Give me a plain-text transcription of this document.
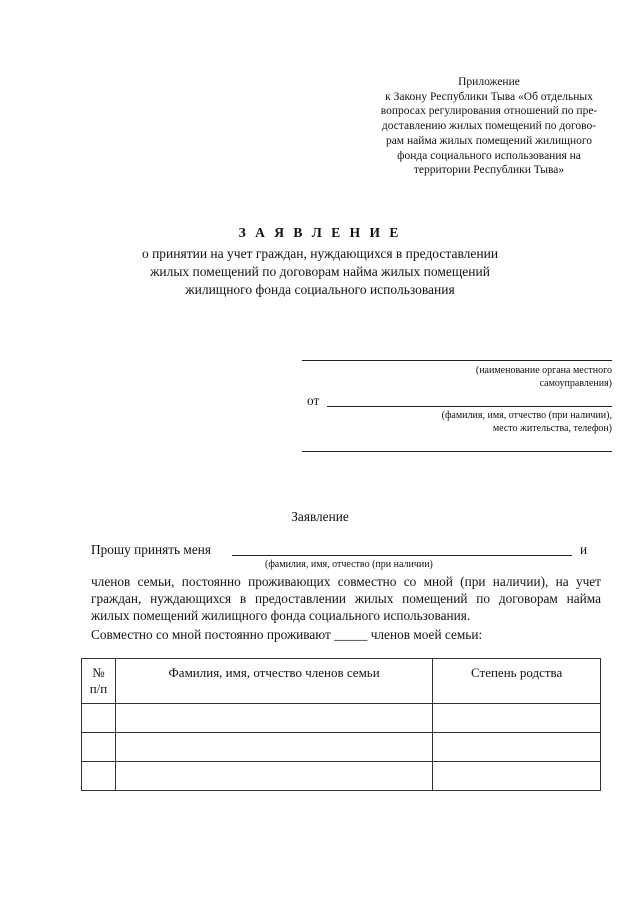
Приложение
к Закону Республики Тыва «Об отдельных
вопросах регулирования отношений по пре-
доставлению жилых помещений по догово-
рам найма жилых помещений жилищного
фонда социального использования на
территории Республики Тыва»
З А Я В Л Е Н И Е
о принятии на учет граждан, нуждающихся в предоставлении
жилых помещений по договорам найма жилых помещений
жилищного фонда социального использования
(наименование органа местного
самоуправления)
от
(фамилия, имя, отчество (при наличии),
место жительства, телефон)
Заявление
Прошу принять меня	и
(фамилия, имя, отчество (при наличии)
членов семьи, постоянно проживающих совместно со мной (при наличии), на учет
граждан, нуждающихся в предоставлении жилых помещений по договорам найма
жилых помещений жилищного фонда социального использования.
Совместно со мной постоянно проживают _____ членов моей семьи:
№
п/п	Фамилия, имя, отчество членов семьи	Степень родства
